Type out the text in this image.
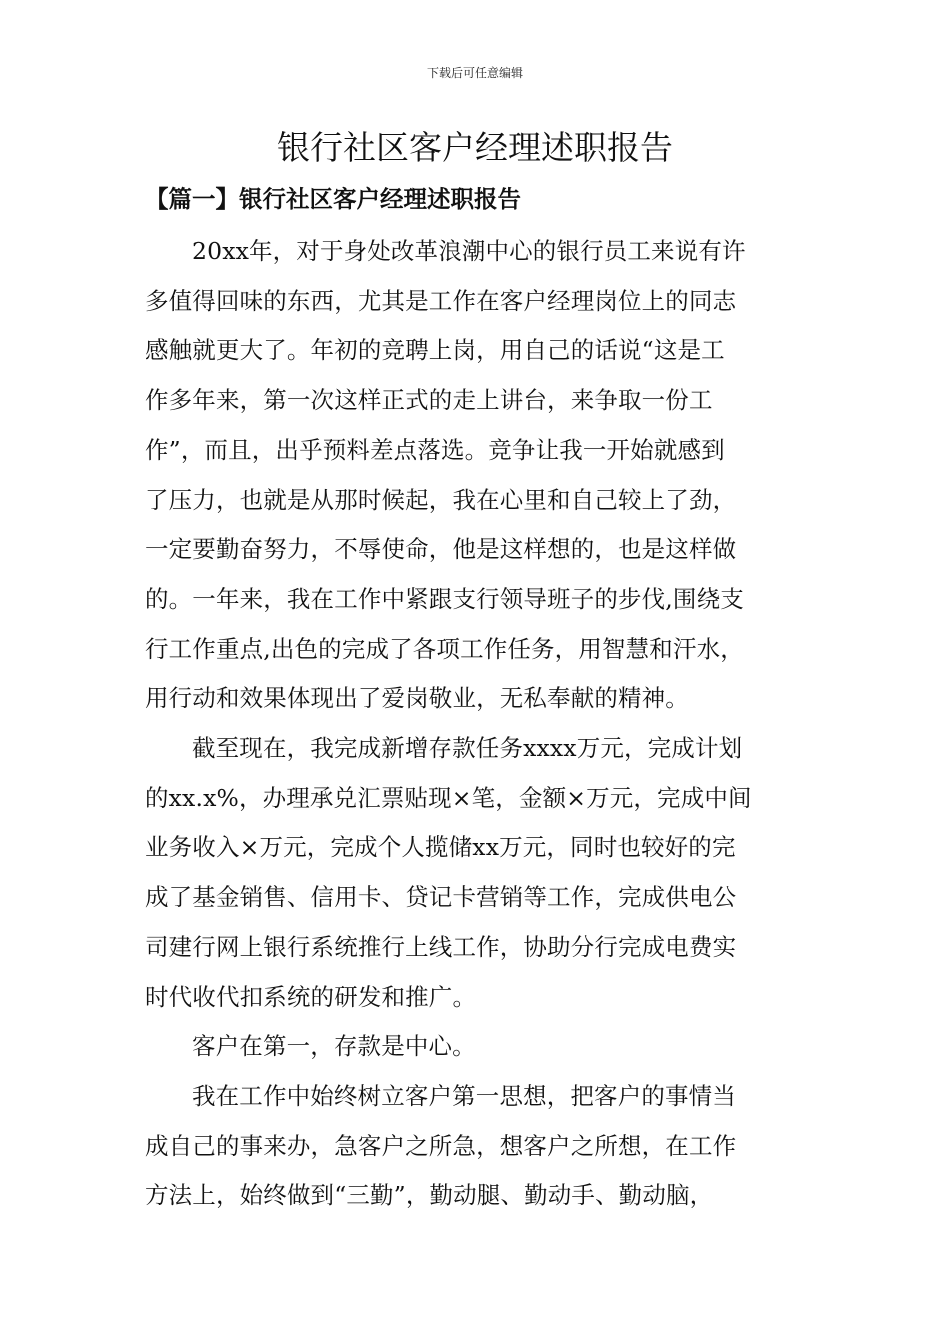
下载后可任意编辑
银行社区客户经理述职报告
【篇一】银行社区客户经理述职报告

20xx年，对于身处改革浪潮中心的银行员工来说有许
多值得回味的东西，尤其是工作在客户经理岗位上的同志
感触就更大了。年初的竞聘上岗，用自己的话说“这是工
作多年来，第一次这样正式的走上讲台，来争取一份工
作”，而且，出乎预料差点落选。竞争让我一开始就感到
了压力，也就是从那时候起，我在心里和自己较上了劲，
一定要勤奋努力，不辱使命，他是这样想的，也是这样做
的。一年来，我在工作中紧跟支行领导班子的步伐,围绕支
行工作重点,出色的完成了各项工作任务，用智慧和汗水，
用行动和效果体现出了爱岗敬业，无私奉献的精神。

截至现在，我完成新增存款任务xxxx万元，完成计划
的xx.x%，办理承兑汇票贴现×笔，金额×万元，完成中间
业务收入×万元，完成个人揽储xx万元，同时也较好的完
成了基金销售、信用卡、贷记卡营销等工作，完成供电公
司建行网上银行系统推行上线工作，协助分行完成电费实
时代收代扣系统的研发和推广。

客户在第一，存款是中心。

我在工作中始终树立客户第一思想，把客户的事情当
成自己的事来办，急客户之所急，想客户之所想，在工作
方法上，始终做到“三勤”，勤动腿、勤动手、勤动脑，
